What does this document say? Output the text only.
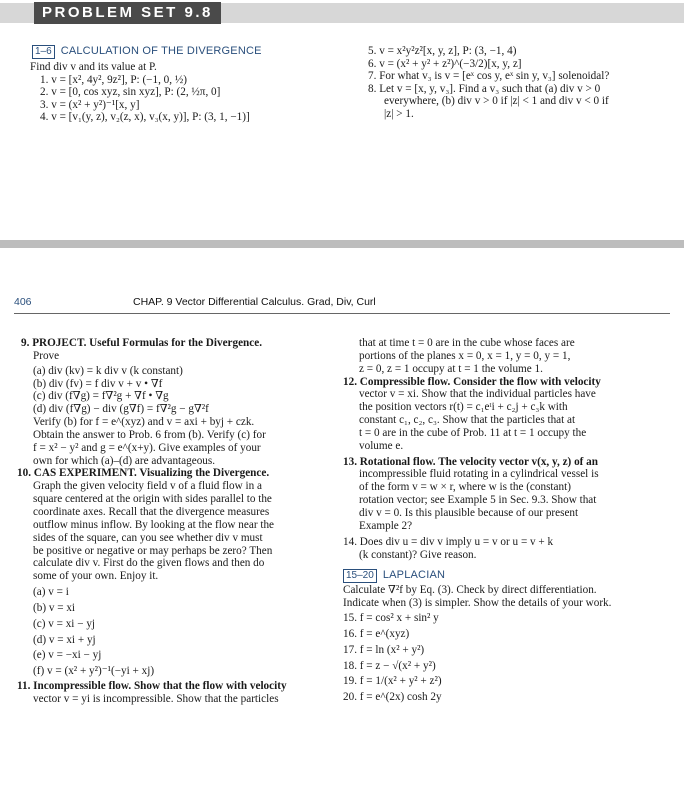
PROBLEM SET 9.8
1–6 CALCULATION OF THE DIVERGENCE
Find div v and its value at P.
1. v = [x², 4y², 9z²], P: (−1, 0, ½)
2. v = [0, cos xyz, sin xyz], P: (2, ½π, 0]
3. v = (x² + y²)⁻¹[x, y]
4. v = [v₁(y, z), v₂(z, x), v₃(x, y)], P: (3, 1, −1)]
5. v = x²y²z²[x, y, z], P: (3, −1, 4)
6. v = (x² + y² + z²)^(−3/2)[x, y, z]
7. For what v₃ is v = [eˣ cos y, eˣ sin y, v₃] solenoidal?
8. Let v = [x, y, v₃]. Find a v₃ such that (a) div v > 0
everywhere, (b) div v > 0 if |z| < 1 and div v < 0 if
|z| > 1.
406	CHAP. 9 Vector Differential Calculus. Grad, Div, Curl
9. PROJECT. Useful Formulas for the Divergence.
Prove
(a) div (kv) = k div v (k constant)
(b) div (fv) = f div v + v • ∇f
(c) div (f∇g) = f∇²g + ∇f • ∇g
(d) div (f∇g) − div (g∇f) = f∇²g − g∇²f
Verify (b) for f = e^(xyz) and v = axi + byj + czk.
Obtain the answer to Prob. 6 from (b). Verify (c) for
f = x² − y² and g = e^(x+y). Give examples of your
own for which (a)–(d) are advantageous.
10. CAS EXPERIMENT. Visualizing the Divergence.
Graph the given velocity field v of a fluid flow in a
square centered at the origin with sides parallel to the
coordinate axes. Recall that the divergence measures
outflow minus inflow. By looking at the flow near the
sides of the square, can you see whether div v must
be positive or negative or may perhaps be zero? Then
calculate div v. First do the given flows and then do
some of your own. Enjoy it.
(a) v = i
(b) v = xi
(c) v = xi − yj
(d) v = xi + yj
(e) v = −xi − yj
(f) v = (x² + y²)⁻¹(−yi + xj)
11. Incompressible flow. Show that the flow with velocity
vector v = yi is incompressible. Show that the particles
that at time t = 0 are in the cube whose faces are
portions of the planes x = 0, x = 1, y = 0, y = 1,
z = 0, z = 1 occupy at t = 1 the volume 1.
12. Compressible flow. Consider the flow with velocity
vector v = xi. Show that the individual particles have
the position vectors r(t) = c₁eᵗi + c₂j + c₃k with
constant c₁, c₂, c₃. Show that the particles that at
t = 0 are in the cube of Prob. 11 at t = 1 occupy the
volume e.
13. Rotational flow. The velocity vector v(x, y, z) of an
incompressible fluid rotating in a cylindrical vessel is
of the form v = w × r, where w is the (constant)
rotation vector; see Example 5 in Sec. 9.3. Show that
div v = 0. Is this plausible because of our present
Example 2?
14. Does div u = div v imply u = v or u = v + k
(k constant)? Give reason.
15–20 LAPLACIAN
Calculate ∇²f by Eq. (3). Check by direct differentiation.
Indicate when (3) is simpler. Show the details of your work.
15. f = cos² x + sin² y
16. f = e^(xyz)
17. f = ln (x² + y²)
18. f = z − √(x² + y²)
19. f = 1/(x² + y² + z²)
20. f = e^(2x) cosh 2y
